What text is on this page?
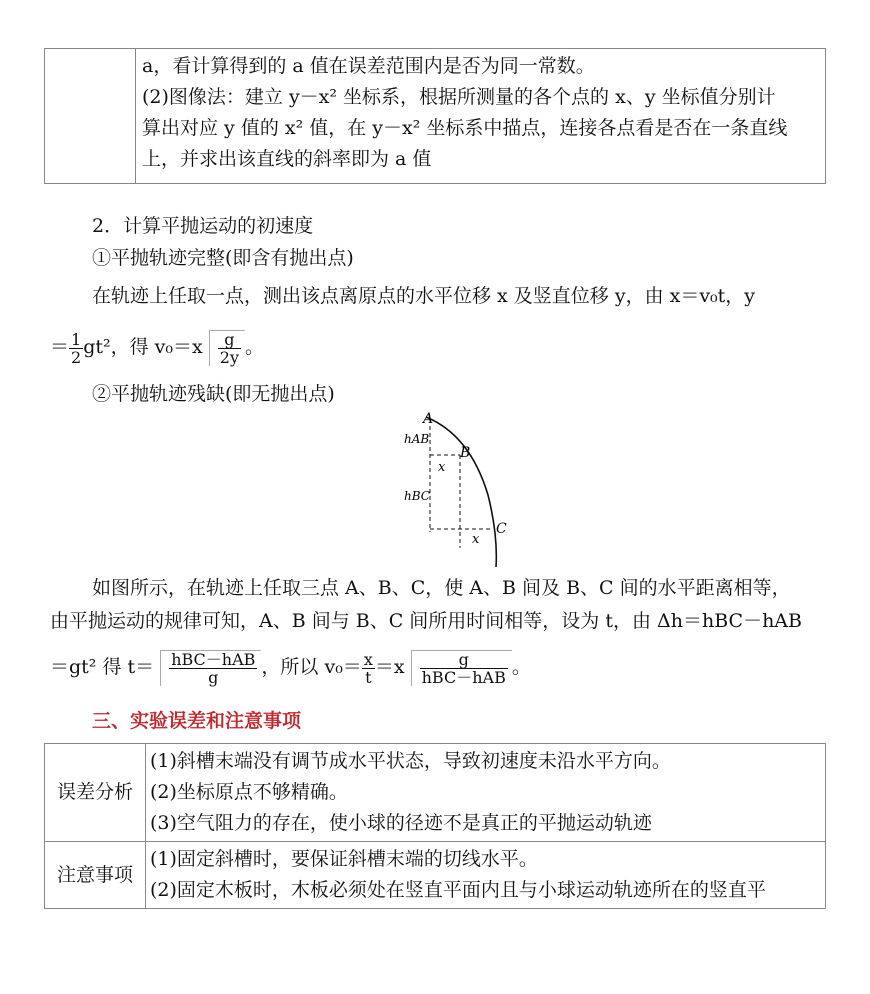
a，看计算得到的 a 值在误差范围内是否为同一常数。
(2)图像法：建立 y－x² 坐标系，根据所测量的各个点的 x、y 坐标值分别计
算出对应 y 值的 x² 值，在 y－x² 坐标系中描点，连接各点看是否在一条直线
上，并求出该直线的斜率即为 a 值
2．计算平抛运动的初速度
①平抛轨迹完整(即含有抛出点)
在轨迹上任取一点，测出该点离原点的水平位移 x 及竖直位移 y，由 x＝v₀t，y
＝ $\frac{1}{2} gt^2$，得 $v_0=x \frac{g}{2y}$ 。
②平抛轨迹残缺(即无抛出点)
A
B
C
hAB
hBC
x
x
如图所示，在轨迹上任取三点 A、B、C，使 A、B 间及 B、C 间的水平距离相等，
由平抛运动的规律可知，A、B 间与 B、C 间所用时间相等，设为 t，由 Δh＝hBC－hAB
＝gt² 得 $t= \frac{\text{hBC－hAB}}{g}$ ，所以 $v_0= \frac{x}{t} =x \frac{g}{\text{hBC－hAB}}$ 。
三、实验误差和注意事项
误差分析	(1)斜槽末端没有调节成水平状态，导致初速度未沿水平方向。
(2)坐标原点不够精确。
(3)空气阻力的存在，使小球的径迹不是真正的平抛运动轨迹

注意事项	(1)固定斜槽时，要保证斜槽末端的切线水平。
(2)固定木板时，木板必须处在竖直平面内且与小球运动轨迹所在的竖直平
